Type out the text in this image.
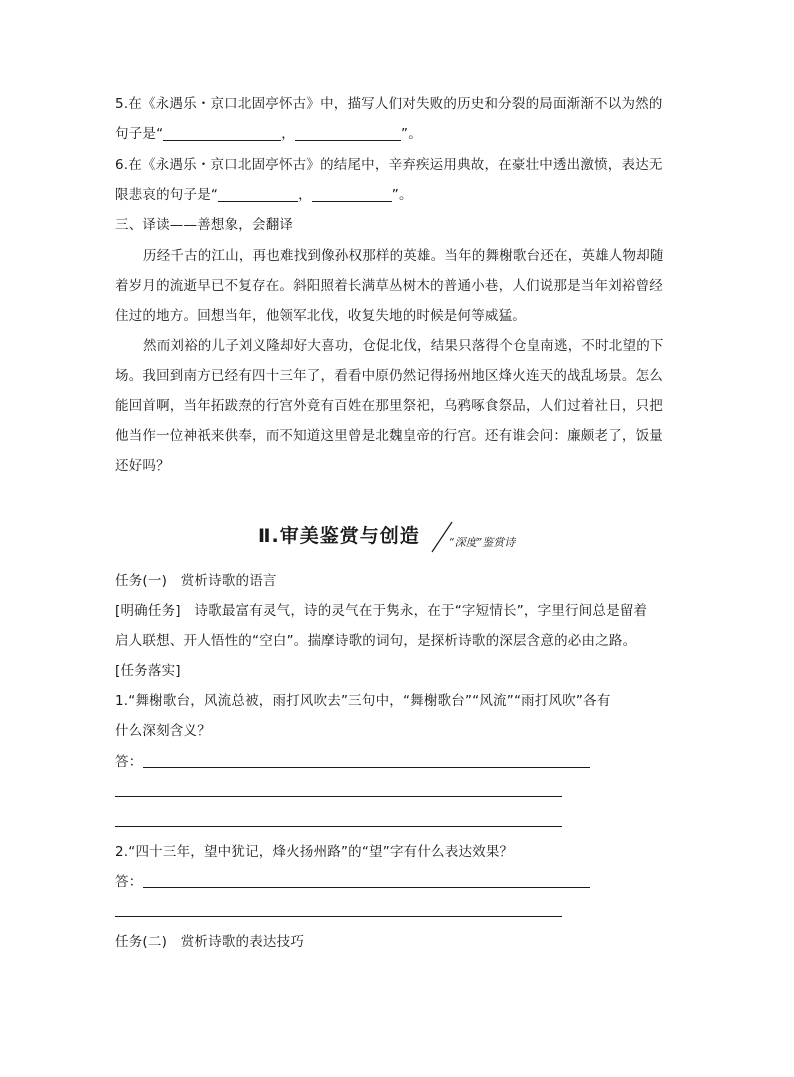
5.在《永遇乐・京口北固亭怀古》中，描写人们对失败的历史和分裂的局面渐渐不以为然的
句子是“	，	”。
6.在《永遇乐・京口北固亭怀古》的结尾中，辛弃疾运用典故，在豪壮中透出激愤，表达无
限悲哀的句子是“	，	”。
三、译读——善想象，会翻译
历经千古的江山，再也难找到像孙权那样的英雄。当年的舞榭歌台还在，英雄人物却随
着岁月的流逝早已不复存在。斜阳照着长满草丛树木的普通小巷，人们说那是当年刘裕曾经
住过的地方。回想当年，他领军北伐，收复失地的时候是何等威猛。
然而刘裕的儿子刘义隆却好大喜功，仓促北伐，结果只落得个仓皇南逃，不时北望的下
场。我回到南方已经有四十三年了，看看中原仍然记得扬州地区烽火连天的战乱场景。怎么
能回首啊，当年拓跋焘的行宫外竟有百姓在那里祭祀，乌鸦啄食祭品，人们过着社日，只把
他当作一位神祇来供奉，而不知道这里曾是北魏皇帝的行宫。还有谁会问：廉颇老了，饭量
还好吗？
Ⅱ.审美鉴赏与创造	“深度”鉴赏诗
任务(一)　赏析诗歌的语言
[明确任务]　诗歌最富有灵气，诗的灵气在于隽永，在于“字短情长”，字里行间总是留着
启人联想、开人悟性的“空白”。揣摩诗歌的词句，是探析诗歌的深层含意的必由之路。
[任务落实]
1.“舞榭歌台，风流总被，雨打风吹去”三句中，“舞榭歌台”“风流”“雨打风吹”各有
什么深刻含义？
答：
2.“四十三年，望中犹记，烽火扬州路”的“望”字有什么表达效果？
答：
任务(二)　赏析诗歌的表达技巧
